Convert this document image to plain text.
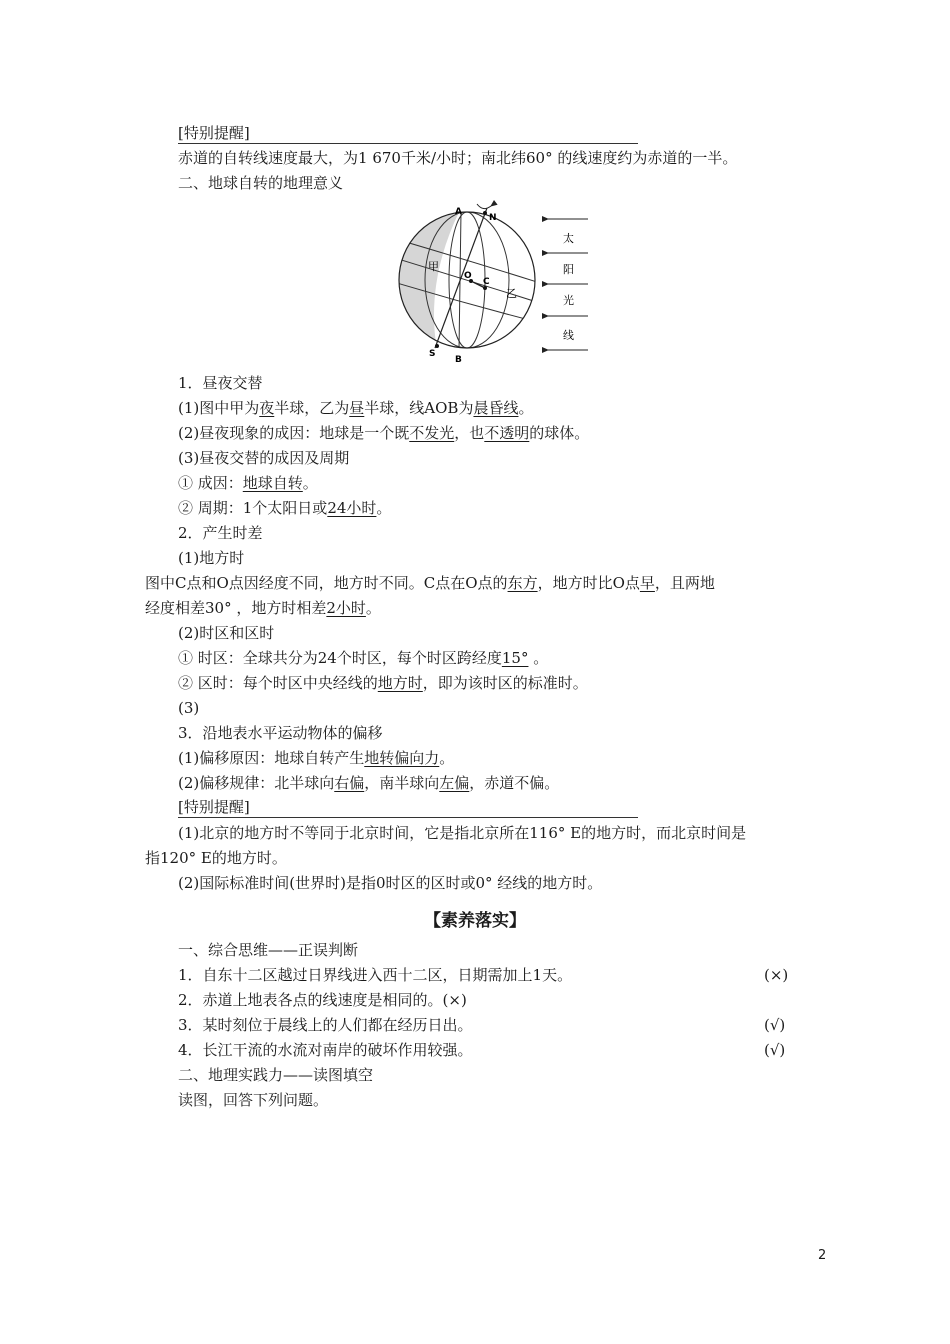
[特别提醒]
赤道的自转线速度最大，为1 670千米/小时；南北纬60° 的线速度约为赤道的一半。
二、地球自转的地理意义
A
N
S
B
O
C
甲
乙
太
阳
光
线
1．昼夜交替
(1)图中甲为夜半球，乙为昼半球，线AOB为晨昏线。
(2)昼夜现象的成因：地球是一个既不发光，也不透明的球体。
(3)昼夜交替的成因及周期
① 成因：地球自转。
② 周期：1个太阳日或24小时。
2．产生时差
(1)地方时
图中C点和O点因经度不同，地方时不同。C点在O点的东方，地方时比O点早，且两地
经度相差30° ，地方时相差2小时。
(2)时区和区时
① 时区：全球共分为24个时区，每个时区跨经度15° 。
② 区时：每个时区中央经线的地方时，即为该时区的标准时。
(3)
3．沿地表水平运动物体的偏移
(1)偏移原因：地球自转产生地转偏向力。
(2)偏移规律：北半球向右偏，南半球向左偏，赤道不偏。
[特别提醒]
(1)北京的地方时不等同于北京时间，它是指北京所在116° E的地方时，而北京时间是
指120° E的地方时。
(2)国际标准时间(世界时)是指0时区的区时或0° 经线的地方时。
【素养落实】
一、综合思维——正误判断
1．自东十二区越过日界线进入西十二区，日期需加上1天。	(×)
2．赤道上地表各点的线速度是相同的。(×)
3．某时刻位于晨线上的人们都在经历日出。	(√)
4．长江干流的水流对南岸的破坏作用较强。	(√)
二、地理实践力——读图填空
读图，回答下列问题。
2
